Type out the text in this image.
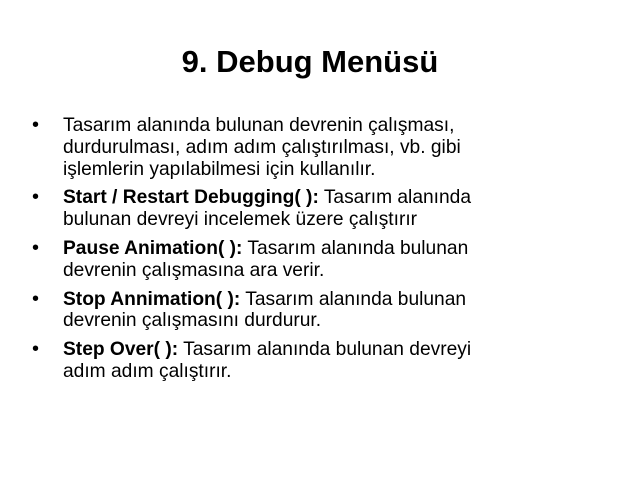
9. Debug Menüsü
• Tasarım alanında bulunan devrenin çalışması,
durdurulması, adım adım çalıştırılması, vb. gibi
işlemlerin yapılabilmesi için kullanılır.
• Start / Restart Debugging( ): Tasarım alanında
bulunan devreyi incelemek üzere çalıştırır
• Pause Animation( ): Tasarım alanında bulunan
devrenin çalışmasına ara verir.
• Stop Annimation( ): Tasarım alanında bulunan
devrenin çalışmasını durdurur.
• Step Over( ): Tasarım alanında bulunan devreyi
adım adım çalıştırır.
